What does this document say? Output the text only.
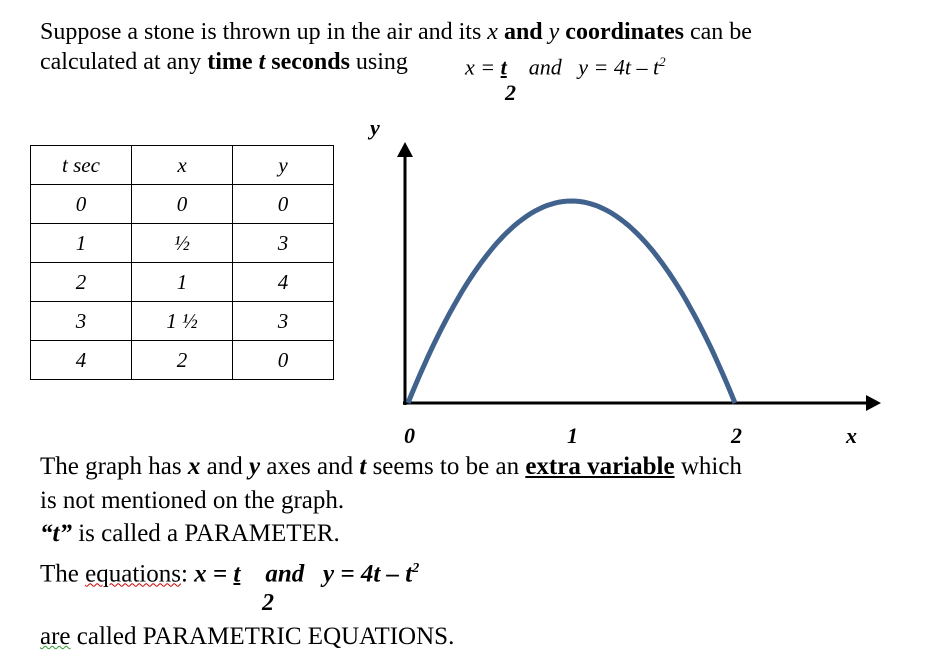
Suppose a stone is thrown up in the air and its x and y coordinates can be
calculated at any time t seconds using	x = t and $y = 4t - t^2$
2
t sec	x	y
0	0	0
1	½	3
2	1	4
3	1 ½	3
4	2	0
y
0	1	2	x
The graph has x and y axes and t seems to be an extra variable which
is not mentioned on the graph.
“t” is called a PARAMETER.
The equations: x = t and $y = 4t - t^2$
2
are called PARAMETRIC EQUATIONS.
